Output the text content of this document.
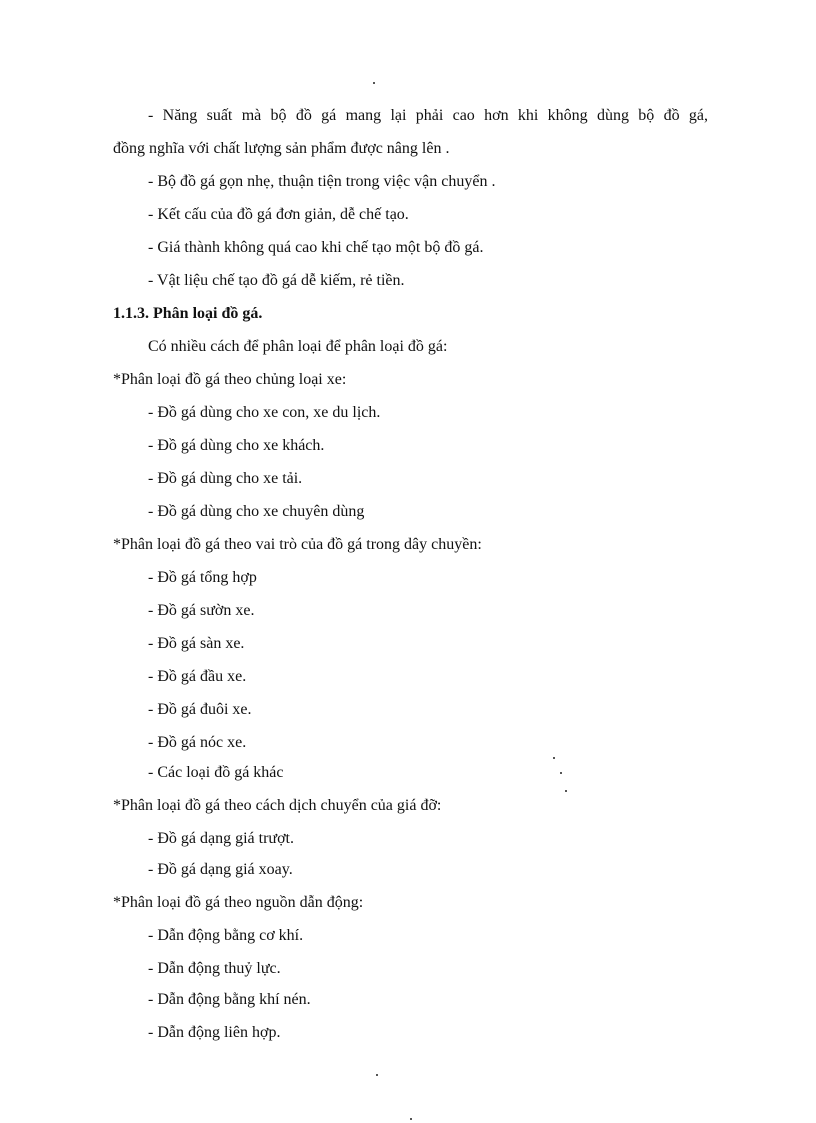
- Năng suất mà bộ đồ gá mang lại phải cao hơn khi không dùng bộ đồ gá,
đồng nghĩa với chất lượng sản phẩm được nâng lên .
- Bộ đồ gá gọn nhẹ, thuận tiện trong việc vận chuyển .
- Kết cấu của đồ gá đơn giản, dễ chế tạo.
- Giá thành không quá cao khi chế tạo một bộ đồ gá.
- Vật liệu chế tạo đồ gá dễ kiếm, rẻ tiền.
1.1.3. Phân loại đồ gá.
Có nhiều cách để phân loại để phân loại đồ gá:
*Phân loại đồ gá theo chủng loại xe:
- Đồ gá dùng cho xe con, xe du lịch.
- Đồ gá dùng cho xe khách.
- Đồ gá dùng cho xe tải.
- Đồ gá dùng cho xe chuyên dùng
*Phân loại đồ gá theo vai trò của đồ gá trong dây chuyền:
- Đồ gá tổng hợp
- Đồ gá sườn xe.
- Đồ gá sàn xe.
- Đồ gá đầu xe.
- Đồ gá đuôi xe.
- Đồ gá nóc xe.
- Các loại đồ gá khác
*Phân loại đồ gá theo cách dịch chuyển của giá đỡ:
- Đồ gá dạng giá trượt.
- Đồ gá dạng giá xoay.
*Phân loại đồ gá theo nguồn dẫn động:
- Dẫn động bằng cơ khí.
- Dẫn động thuỷ lực.
- Dẫn động bằng khí nén.
- Dẫn động liên hợp.
